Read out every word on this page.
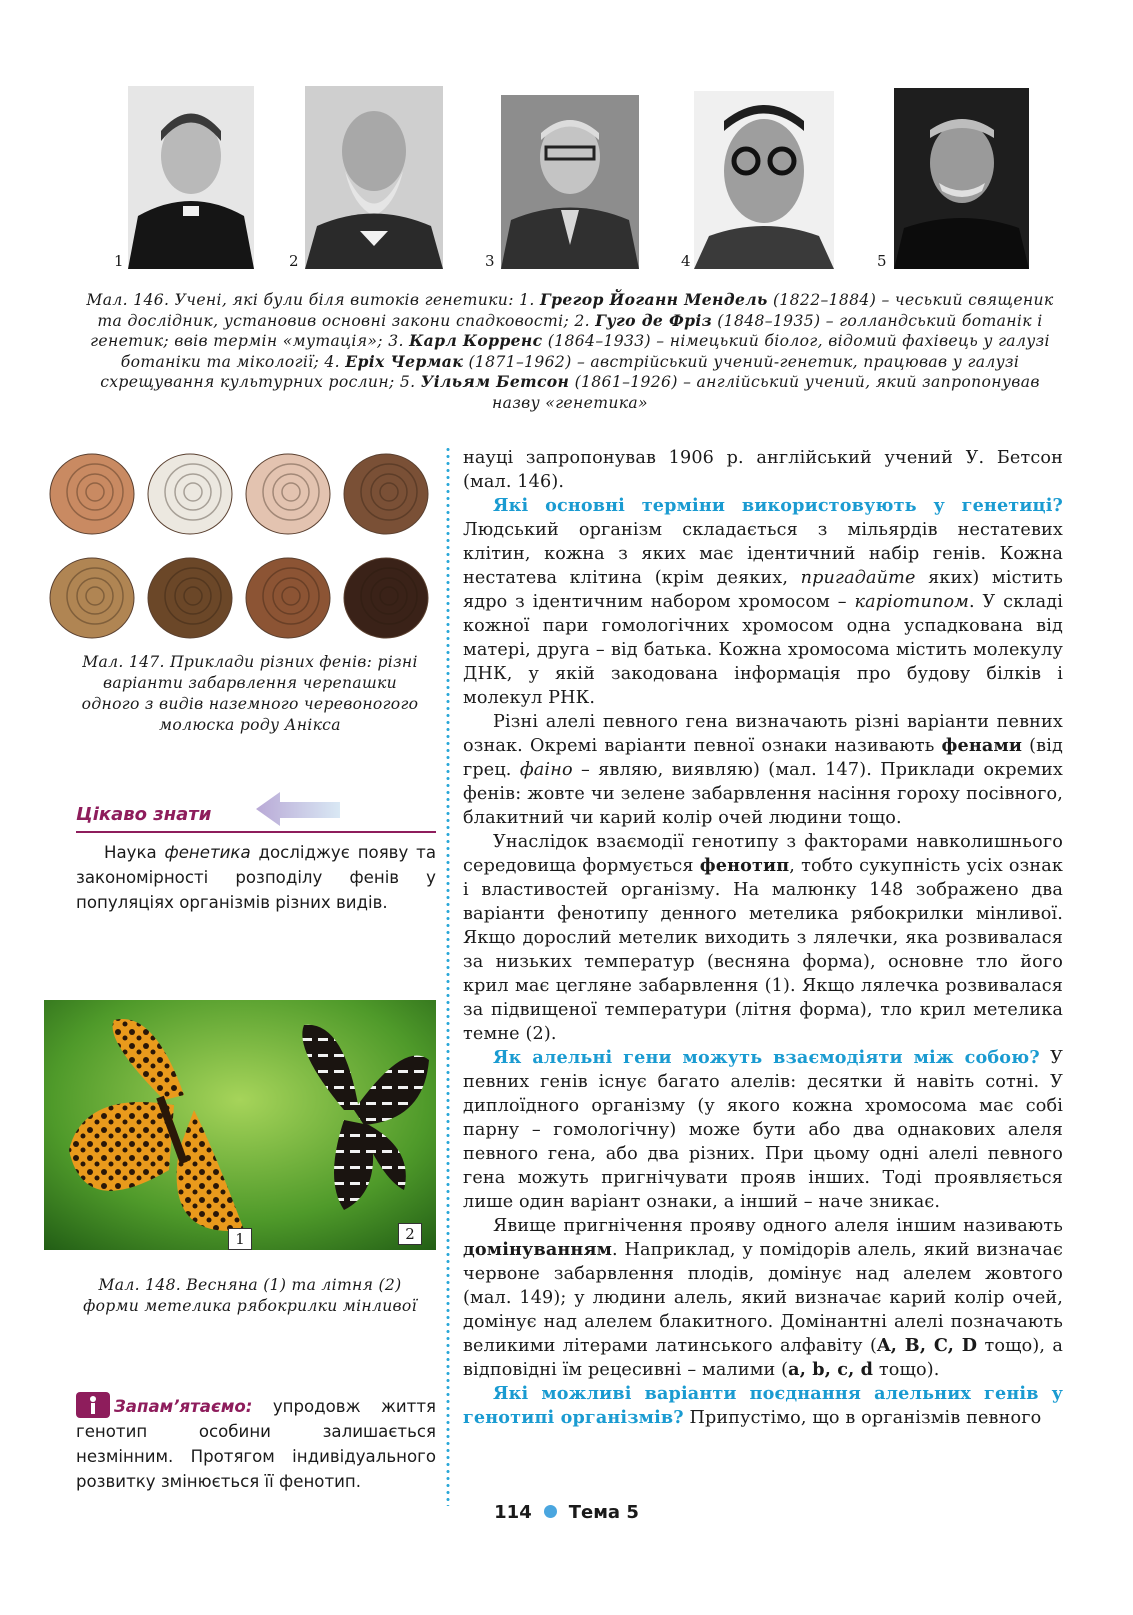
1	2	3	4	5
Мал. 146. Учені, які були біля витоків генетики: 1. Грегор Йоганн Мендель (1822–1884) – чеський священик та дослідник, установив основні закони спадковості; 2. Гуго де Фріз (1848–1935) – голландський ботанік і генетик; ввів термін «мутація»; 3. Карл Корренс (1864–1933) – німецький біолог, відомий фахівець у галузі ботаніки та мікології; 4. Еріх Чермак (1871–1962) – австрійський учений-генетик, працював у галузі схрещування культурних рослин; 5. Уільям Бетсон (1861–1926) – англійський учений, який запропонував назву «генетика»
Мал. 147. Приклади різних фенів: різні варіанти забарвлення черепашки одного з видів наземного черевоногого молюска роду Анікса
Цікаво знати

Наука фенетика досліджує появу та закономірності розподілу фенів у популяціях організмів різних видів.

1	2
Мал. 148. Весняна (1) та літня (2) форми метелика рябокрилки мінливої

Запам’ятаємо: упродовж життя генотип особини залишається незмінним. Протягом індивідуального розвитку змінюється її фенотип.

науці запропонував 1906 р. англійський учений У. Бетсон (мал. 146).

Які основні терміни використовують у генетиці? Людський організм складається з мільярдів нестатевих клітин, кожна з яких має ідентичний набір генів. Кожна нестатева клітина (крім деяких, пригадайте яких) містить ядро з ідентичним набором хромосом – каріотипом. У складі кожної пари гомологічних хромосом одна успадкована від матері, друга – від батька. Кожна хромосома містить молекулу ДНК, у якій закодована інформація про будову білків і молекул РНК.

Різні алелі певного гена визначають різні варіанти певних ознак. Окремі варіанти певної ознаки називають фенами (від грец. фаіно – являю, виявляю) (мал. 147). Приклади окремих фенів: жовте чи зелене забарвлення насіння гороху посівного, блакитний чи карий колір очей людини тощо.

Унаслідок взаємодії генотипу з факторами навколишнього середовища формується фенотип, тобто сукупність усіх ознак і властивостей організму. На малюнку 148 зображено два варіанти фенотипу денного метелика рябокрилки мінливої. Якщо дорослий метелик виходить з лялечки, яка розвивалася за низьких температур (весняна форма), основне тло його крил має цегляне забарвлення (1). Якщо лялечка розвивалася за підвищеної температури (літня форма), тло крил метелика темне (2).

Як алельні гени можуть взаємодіяти між собою? У певних генів існує багато алелів: десятки й навіть сотні. У диплоїдного організму (у якого кожна хромосома має собі парну – гомологічну) може бути або два однакових алеля певного гена, або два різних. При цьому одні алелі певного гена можуть пригнічувати прояв інших. Тоді проявляється лише один варіант ознаки, а інший – наче зникає.

Явище пригнічення прояву одного алеля іншим називають домінуванням. Наприклад, у помідорів алель, який визначає червоне забарвлення плодів, домінує над алелем жовтого (мал. 149); у людини алель, який визначає карий колір очей, домінує над алелем блакитного. Домінантні алелі позначають великими літерами латинського алфавіту (A, B, C, D тощо), а відповідні їм рецесивні – малими (a, b, c, d тощо).

Які можливі варіанти поєднання алельних генів у генотипі організмів? Припустімо, що в організмів певного

114 Тема 5
